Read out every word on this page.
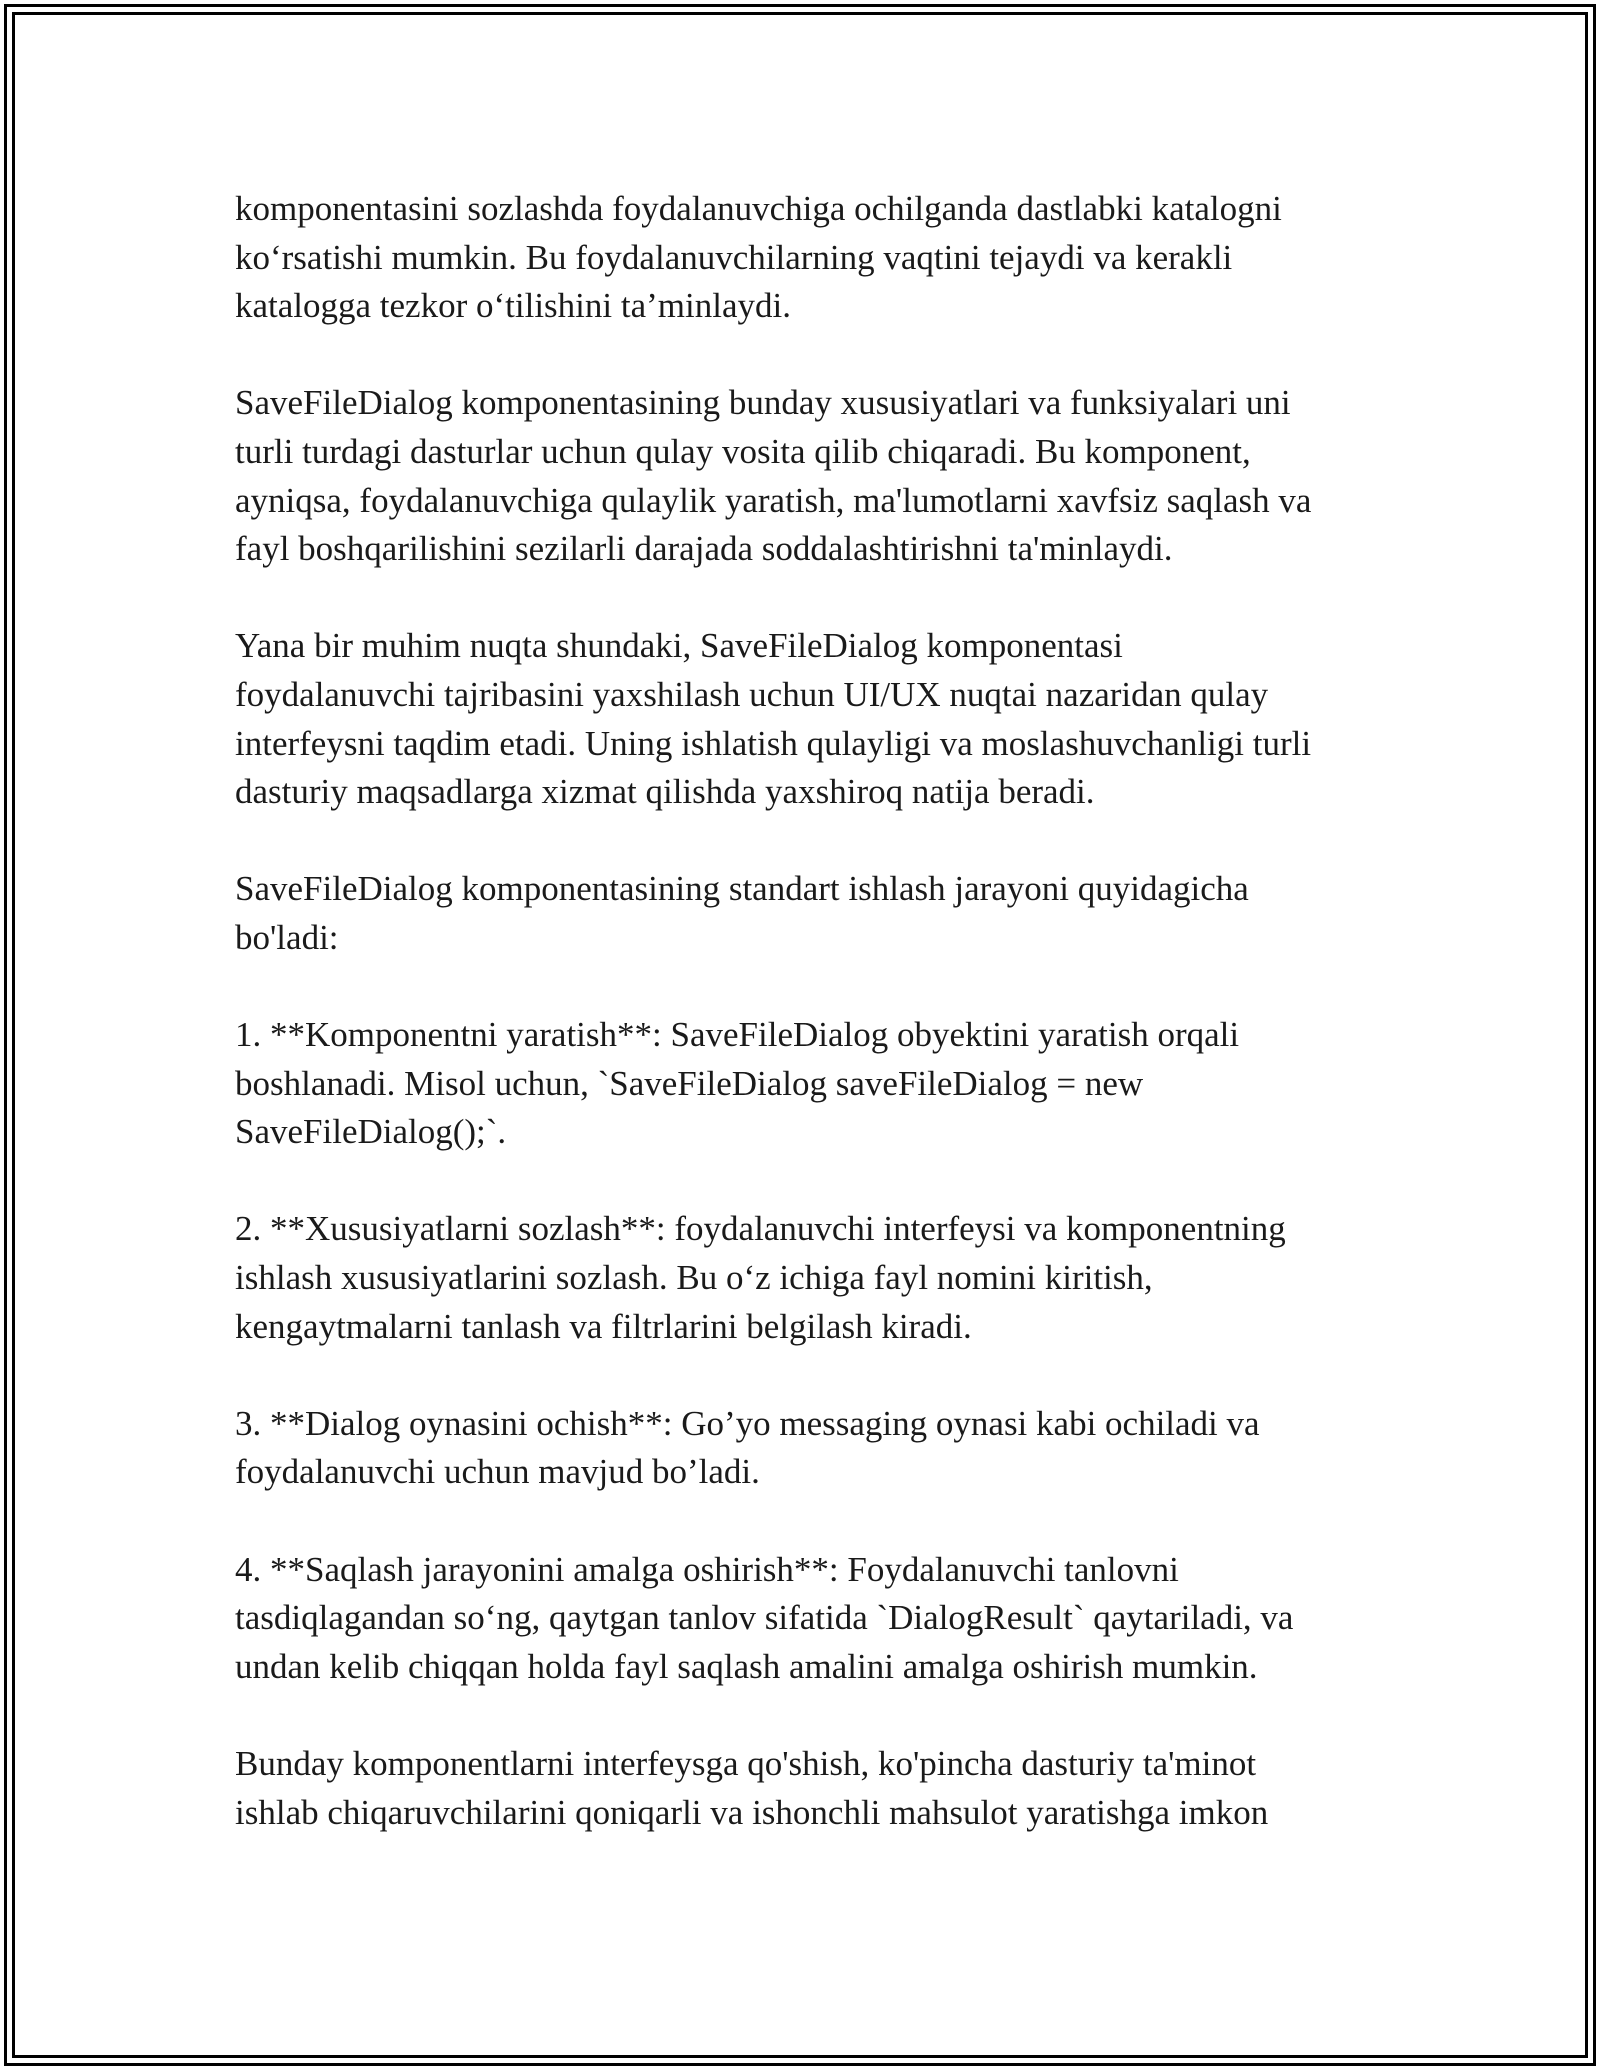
komponentasini sozlashda foydalanuvchiga ochilganda dastlabki katalogni
ko‘rsatishi mumkin. Bu foydalanuvchilarning vaqtini tejaydi va kerakli
katalogga tezkor o‘tilishini ta’minlaydi.

SaveFileDialog komponentasining bunday xususiyatlari va funksiyalari uni
turli turdagi dasturlar uchun qulay vosita qilib chiqaradi. Bu komponent,
ayniqsa, foydalanuvchiga qulaylik yaratish, ma'lumotlarni xavfsiz saqlash va
fayl boshqarilishini sezilarli darajada soddalashtirishni ta'minlaydi.

Yana bir muhim nuqta shundaki, SaveFileDialog komponentasi
foydalanuvchi tajribasini yaxshilash uchun UI/UX nuqtai nazaridan qulay
interfeysni taqdim etadi. Uning ishlatish qulayligi va moslashuvchanligi turli
dasturiy maqsadlarga xizmat qilishda yaxshiroq natija beradi.

SaveFileDialog komponentasining standart ishlash jarayoni quyidagicha
bo'ladi:

1. **Komponentni yaratish**: SaveFileDialog obyektini yaratish orqali
boshlanadi. Misol uchun, `SaveFileDialog saveFileDialog = new
SaveFileDialog();`.

2. **Xususiyatlarni sozlash**: foydalanuvchi interfeysi va komponentning
ishlash xususiyatlarini sozlash. Bu o‘z ichiga fayl nomini kiritish,
kengaytmalarni tanlash va filtrlarini belgilash kiradi.

3. **Dialog oynasini ochish**: Go’yo messaging oynasi kabi ochiladi va
foydalanuvchi uchun mavjud bo’ladi.

4. **Saqlash jarayonini amalga oshirish**: Foydalanuvchi tanlovni
tasdiqlagandan so‘ng, qaytgan tanlov sifatida `DialogResult` qaytariladi, va
undan kelib chiqqan holda fayl saqlash amalini amalga oshirish mumkin.

Bunday komponentlarni interfeysga qo'shish, ko'pincha dasturiy ta'minot
ishlab chiqaruvchilarini qoniqarli va ishonchli mahsulot yaratishga imkon
